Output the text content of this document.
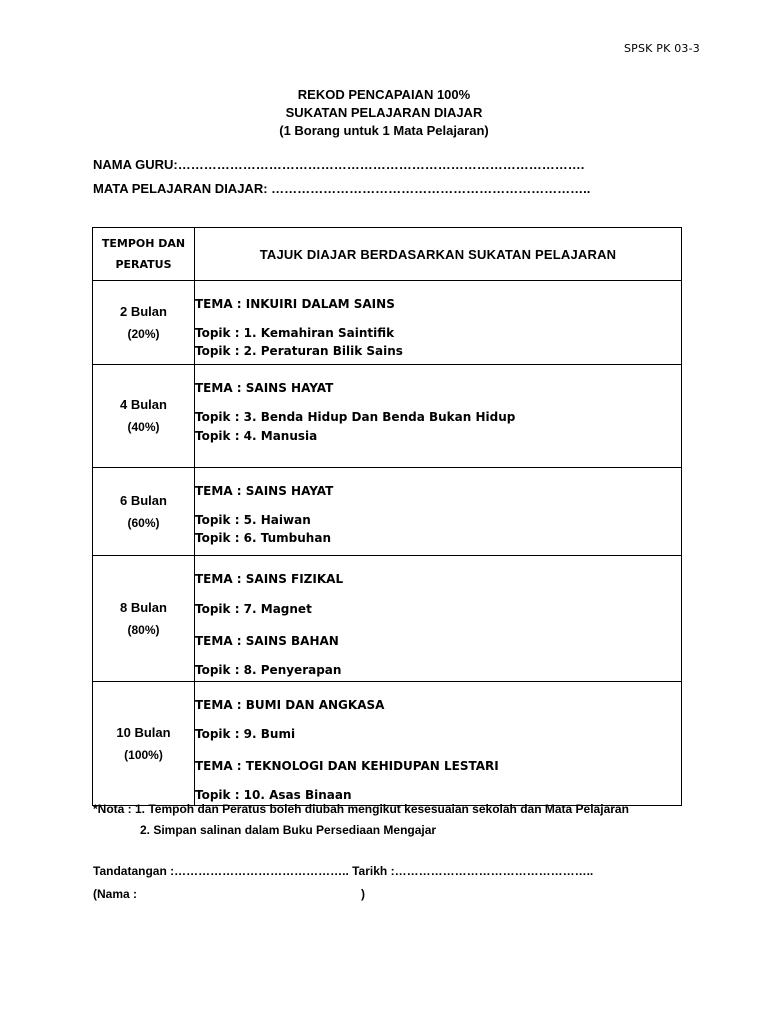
SPSK PK 03-3
REKOD PENCAPAIAN 100%
SUKATAN PELAJARAN DIAJAR
(1 Borang untuk 1 Mata Pelajaran)
NAMA GURU:………………………………………………………………………………….
MATA PELAJARAN DIAJAR: ………………………………………………………………..
TEMPOH DAN
PERATUS	TAJUK DIAJAR BERDASARKAN SUKATAN PELAJARAN

2 Bulan
(20%)	TEMA : INKUIRI DALAM SAINS
Topik : 1. Kemahiran Saintifik
Topik : 2. Peraturan Bilik Sains

4 Bulan
(40%)	TEMA : SAINS HAYAT
Topik : 3. Benda Hidup Dan Benda Bukan Hidup
Topik : 4. Manusia

6 Bulan
(60%)	TEMA : SAINS HAYAT
Topik : 5. Haiwan
Topik : 6. Tumbuhan

8 Bulan
(80%)	TEMA : SAINS FIZIKAL
Topik : 7. Magnet
TEMA : SAINS BAHAN
Topik : 8. Penyerapan

10 Bulan
(100%)	TEMA : BUMI DAN ANGKASA
Topik : 9. Bumi
TEMA : TEKNOLOGI DAN KEHIDUPAN LESTARI
Topik : 10. Asas Binaan
*Nota : 1. Tempoh dan Peratus boleh diubah mengikut kesesuaian sekolah dan Mata Pelajaran
2. Simpan salinan dalam Buku Persediaan Mengajar
Tandatangan :…………………………………….. Tarikh :…………………………………………..
(Nama :	)
